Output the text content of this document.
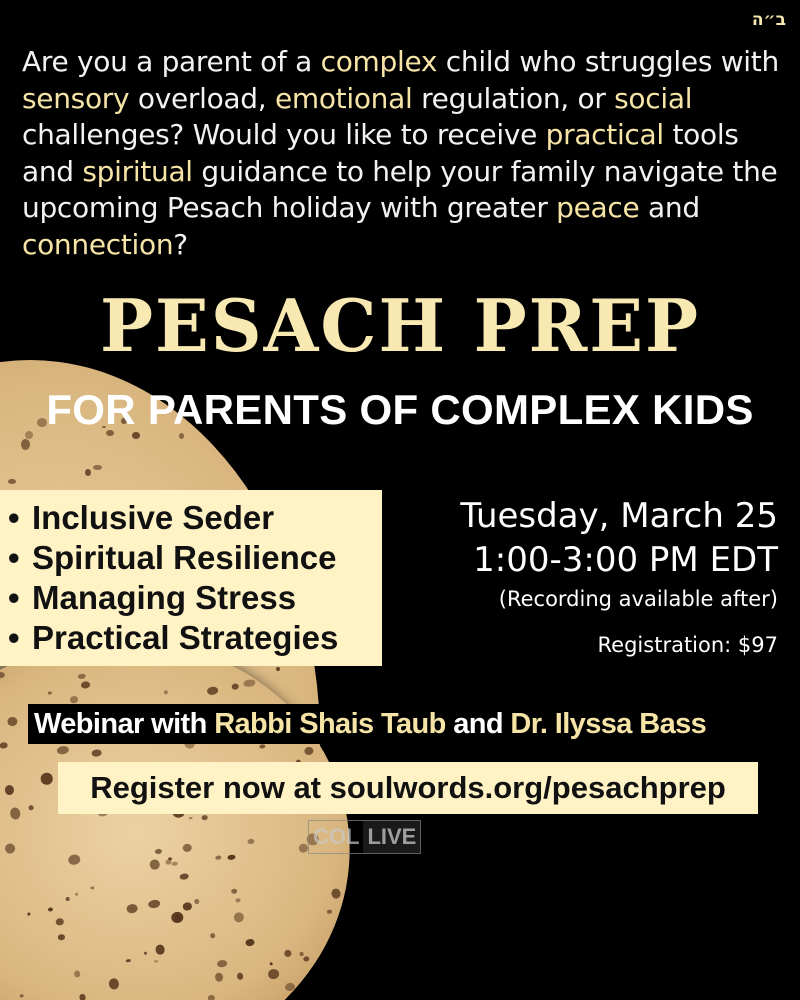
ב״ה
Are you a parent of a complex child who struggles with sensory overload, emotional regulation, or social challenges? Would you like to receive practical tools and spiritual guidance to help your family navigate the upcoming Pesach holiday with greater peace and connection?
PESACH PREP
FOR PARENTS OF COMPLEX KIDS
• Inclusive Seder
• Spiritual Resilience
• Managing Stress
• Practical Strategies
Tuesday, March 25
1:00-3:00 PM EDT
(Recording available after)
Registration: $97
Webinar with Rabbi Shais Taub and Dr. Ilyssa Bass
Register now at soulwords.org/pesachprep
COL LIVE
